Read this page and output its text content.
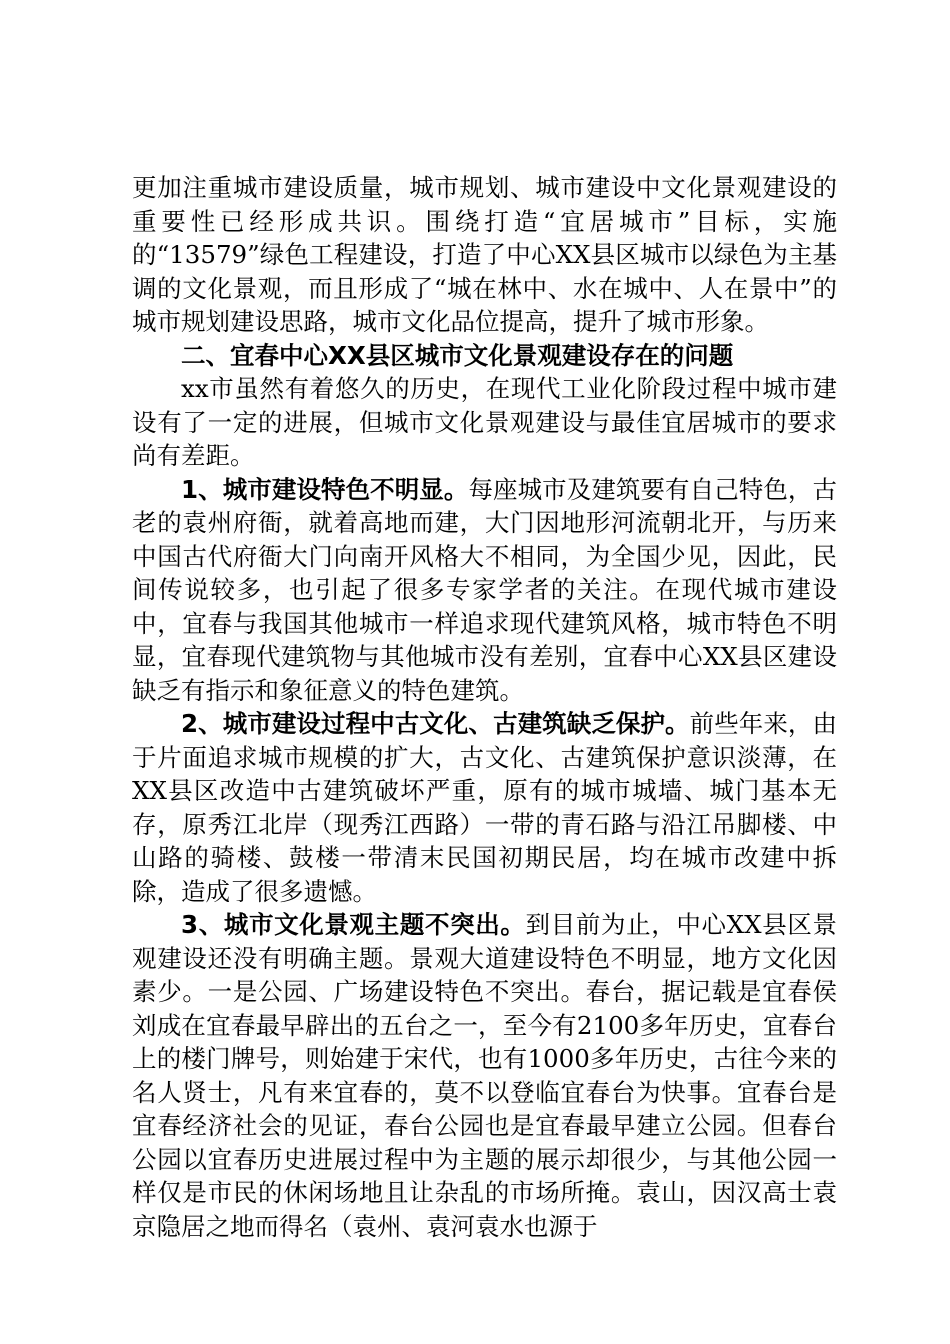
更加注重城市建设质量，城市规划、城市建设中文化景观建设的重要性已经形成共识。围绕打造“宜居城市”目标，实施的“13579”绿色工程建设，打造了中心XX县区城市以绿色为主基调的文化景观，而且形成了“城在林中、水在城中、人在景中”的城市规划建设思路，城市文化品位提高，提升了城市形象。

二、宜春中心XX县区城市文化景观建设存在的问题

xx市虽然有着悠久的历史，在现代工业化阶段过程中城市建设有了一定的进展，但城市文化景观建设与最佳宜居城市的要求尚有差距。

1、城市建设特色不明显。每座城市及建筑要有自己特色，古老的袁州府衙，就着高地而建，大门因地形河流朝北开，与历来中国古代府衙大门向南开风格大不相同，为全国少见，因此，民间传说较多，也引起了很多专家学者的关注。在现代城市建设中，宜春与我国其他城市一样追求现代建筑风格，城市特色不明显，宜春现代建筑物与其他城市没有差别，宜春中心XX县区建设缺乏有指示和象征意义的特色建筑。

2、城市建设过程中古文化、古建筑缺乏保护。前些年来，由于片面追求城市规模的扩大，古文化、古建筑保护意识淡薄，在XX县区改造中古建筑破坏严重，原有的城市城墙、城门基本无存，原秀江北岸（现秀江西路）一带的青石路与沿江吊脚楼、中山路的骑楼、鼓楼一带清末民国初期民居，均在城市改建中拆除，造成了很多遗憾。

3、城市文化景观主题不突出。到目前为止，中心XX县区景观建设还没有明确主题。景观大道建设特色不明显，地方文化因素少。一是公园、广场建设特色不突出。春台，据记载是宜春侯刘成在宜春最早辟出的五台之一，至今有2100多年历史，宜春台上的楼门牌号，则始建于宋代，也有1000多年历史，古往今来的名人贤士，凡有来宜春的，莫不以登临宜春台为快事。宜春台是宜春经济社会的见证，春台公园也是宜春最早建立公园。但春台公园以宜春历史进展过程中为主题的展示却很少，与其他公园一样仅是市民的休闲场地且让杂乱的市场所掩。袁山，因汉高士袁京隐居之地而得名（袁州、袁河袁水也源于
